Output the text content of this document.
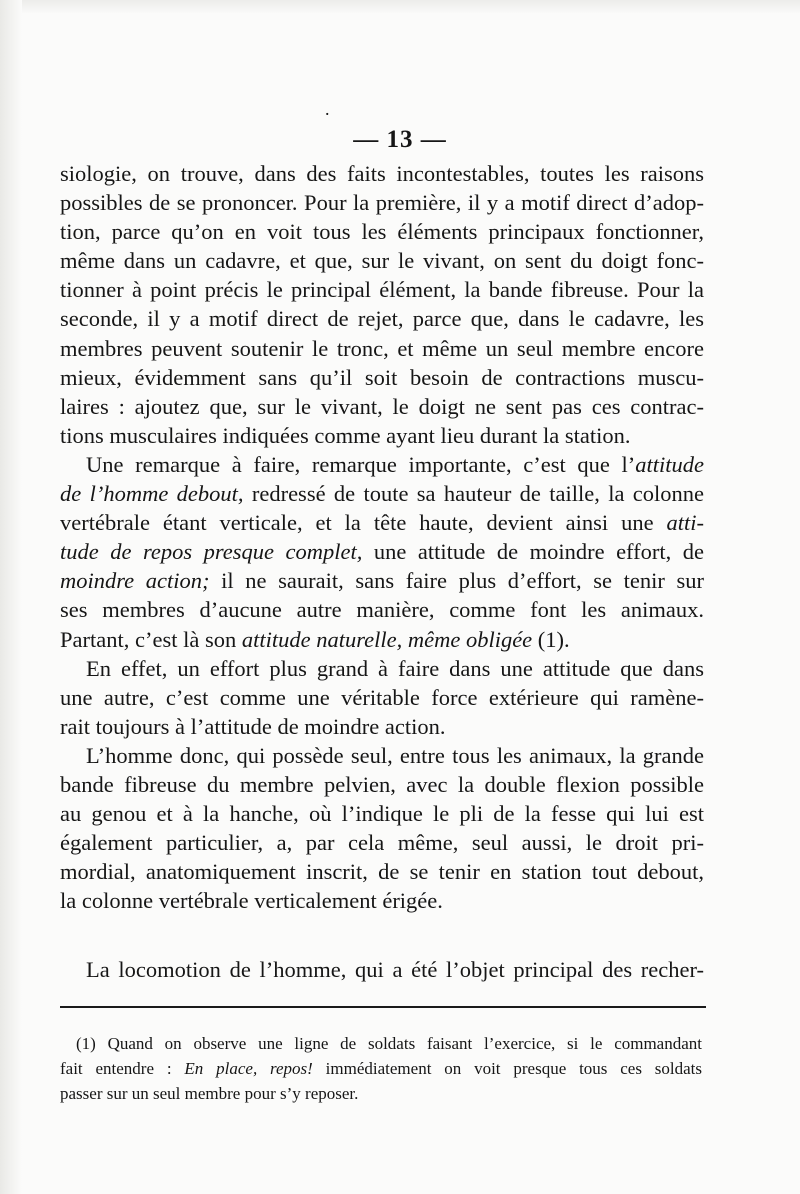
.
— 13 —
siologie, on trouve, dans des faits incontestables, toutes les raisons
possibles de se prononcer. Pour la première, il y a motif direct d’adop-
tion, parce qu’on en voit tous les éléments principaux fonctionner,
même dans un cadavre, et que, sur le vivant, on sent du doigt fonc-
tionner à point précis le principal élément, la bande fibreuse. Pour la
seconde, il y a motif direct de rejet, parce que, dans le cadavre, les
membres peuvent soutenir le tronc, et même un seul membre encore
mieux, évidemment sans qu’il soit besoin de contractions muscu-
laires : ajoutez que, sur le vivant, le doigt ne sent pas ces contrac-
tions musculaires indiquées comme ayant lieu durant la station.
Une remarque à faire, remarque importante, c’est que l’attitude
de l’homme debout, redressé de toute sa hauteur de taille, la colonne
vertébrale étant verticale, et la tête haute, devient ainsi une atti-
tude de repos presque complet, une attitude de moindre effort, de
moindre action; il ne saurait, sans faire plus d’effort, se tenir sur
ses membres d’aucune autre manière, comme font les animaux.
Partant, c’est là son attitude naturelle, même obligée (1).
En effet, un effort plus grand à faire dans une attitude que dans
une autre, c’est comme une véritable force extérieure qui ramène-
rait toujours à l’attitude de moindre action.
L’homme donc, qui possède seul, entre tous les animaux, la grande
bande fibreuse du membre pelvien, avec la double flexion possible
au genou et à la hanche, où l’indique le pli de la fesse qui lui est
également particulier, a, par cela même, seul aussi, le droit pri-
mordial, anatomiquement inscrit, de se tenir en station tout debout,
la colonne vertébrale verticalement érigée.
La locomotion de l’homme, qui a été l’objet principal des recher-
(1) Quand on observe une ligne de soldats faisant l’exercice, si le commandant
fait entendre : En place, repos! immédiatement on voit presque tous ces soldats
passer sur un seul membre pour s’y reposer.
